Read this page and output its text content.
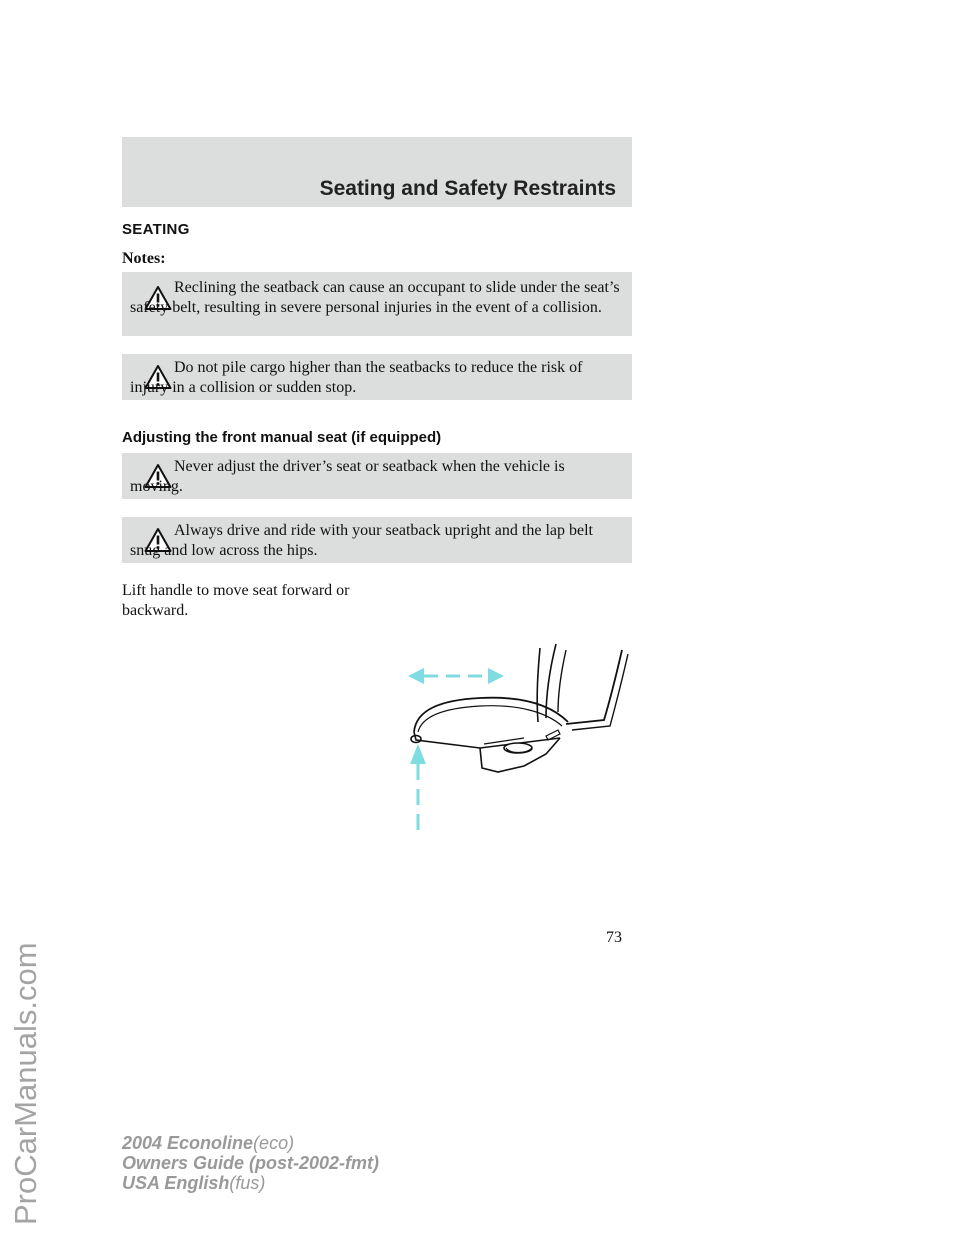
ProCarManuals.com
Seating and Safety Restraints
SEATING
Notes:

Reclining the seatback can cause an occupant to slide under the seat’s safety belt, resulting in severe personal injuries in the event of a collision.

Do not pile cargo higher than the seatbacks to reduce the risk of injury in a collision or sudden stop.

Adjusting the front manual seat (if equipped)

Never adjust the driver’s seat or seatback when the vehicle is moving.

Always drive and ride with your seatback upright and the lap belt snug and low across the hips.

Lift handle to move seat forward or backward.

73
2004 Econoline(eco)
Owners Guide (post-2002-fmt)
USA English(fus)
